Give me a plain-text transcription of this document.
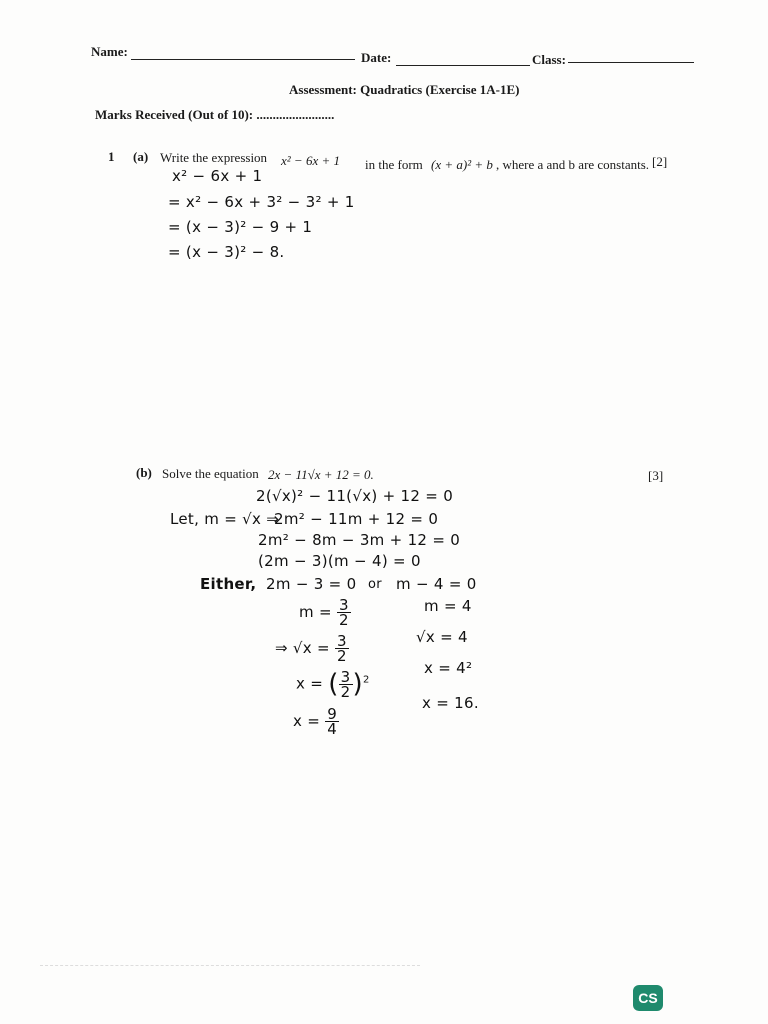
Name:	Date:	Class:
Assessment: Quadratics (Exercise 1A-1E)
Marks Received (Out of 10): ........................
1 (a) Write the expression x² − 6x + 1 in the form (x + a)² + b , where a and b are constants. [2]
x² − 6x + 1
= x² − 6x + 3² − 3² + 1
= (x − 3)² − 9 + 1
= (x − 3)² − 8.
(b) Solve the equation 2x − 11√x + 12 = 0.	[3]
2(√x)² − 11(√x) + 12 = 0
Let, m = √x ⇒
2m² − 11m + 12 = 0
2m² − 8m − 3m + 12 = 0
(2m − 3)(m − 4) = 0
Either, 2m − 3 = 0 or m − 4 = 0
$m = \frac{3}{2}$	m = 4
⇒ $√x = \frac{3}{2}$	√x = 4
x = ( $\frac{3}{2} )^2$
x = 4²
$x = \frac{9}{4}$
x = 16.
CS
